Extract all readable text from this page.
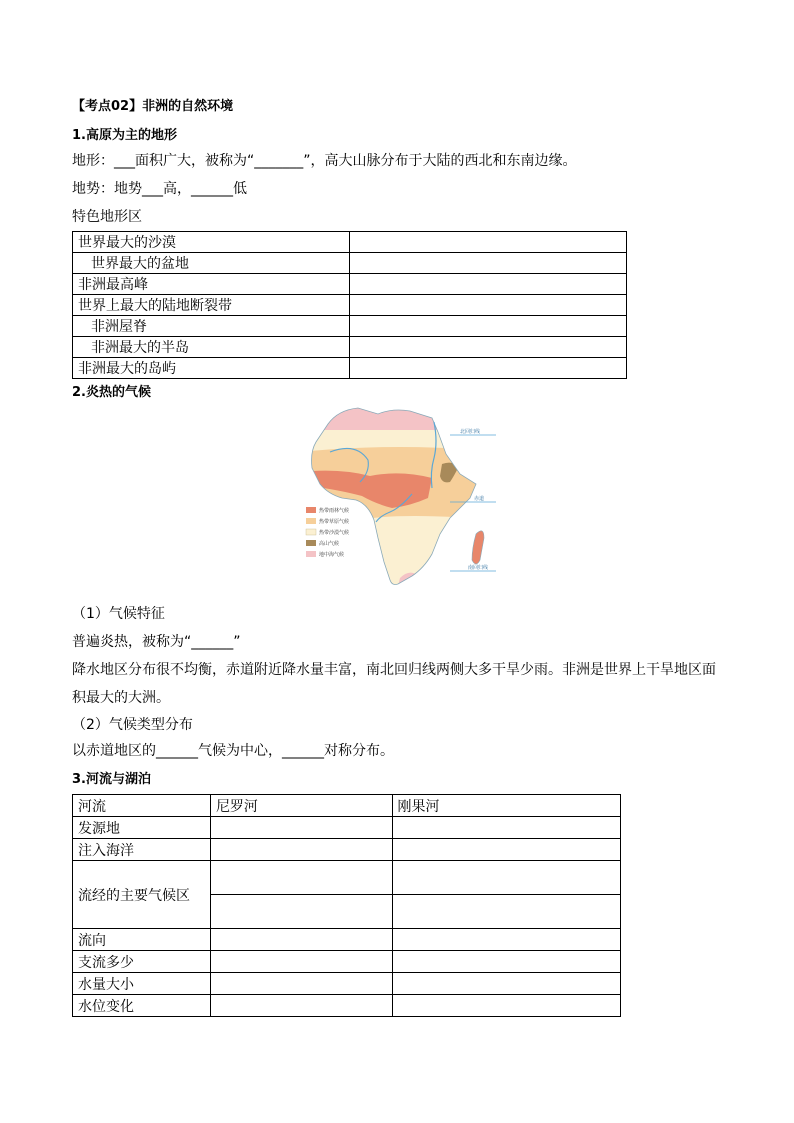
【考点02】非洲的自然环境
1.高原为主的地形
地形：___面积广大，被称为“_______”，高大山脉分布于大陆的西北和东南边缘。
地势：地势___高，______低
特色地形区
世界最大的沙漠	
世界最大的盆地	
非洲最高峰	
世界上最大的陆地断裂带	
非洲屋脊	
非洲最大的半岛	
非洲最大的岛屿	
2.炎热的气候
北回归线
赤道
南回归线
热带雨林气候
热带草原气候
热带沙漠气候
高山气候
地中海气候
（1）气候特征
普遍炎热，被称为“______”
降水地区分布很不均衡，赤道附近降水量丰富，南北回归线两侧大多干旱少雨。非洲是世界上干旱地区面
积最大的大洲。
（2）气候类型分布
以赤道地区的______气候为中心，______对称分布。
3.河流与湖泊
河流	尼罗河	刚果河
发源地		
注入海洋		
流经的主要气候区		

流向		
支流多少		
水量大小		
水位变化		
